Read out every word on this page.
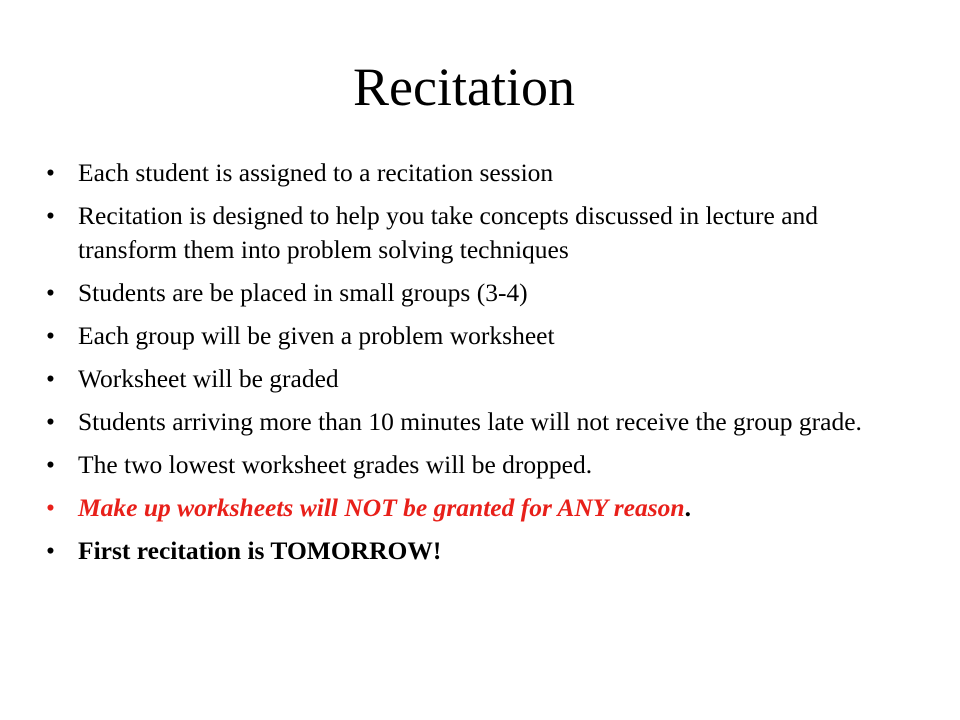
Recitation
• Each student is assigned to a recitation session
• Recitation is designed to help you take concepts discussed in lecture and transform them into problem solving techniques
• Students are be placed in small groups (3-4)
• Each group will be given a problem worksheet
• Worksheet will be graded
• Students arriving more than 10 minutes late will not receive the group grade.
• The two lowest worksheet grades will be dropped.
• Make up worksheets will NOT be granted for ANY reason.
• First recitation is TOMORROW!
